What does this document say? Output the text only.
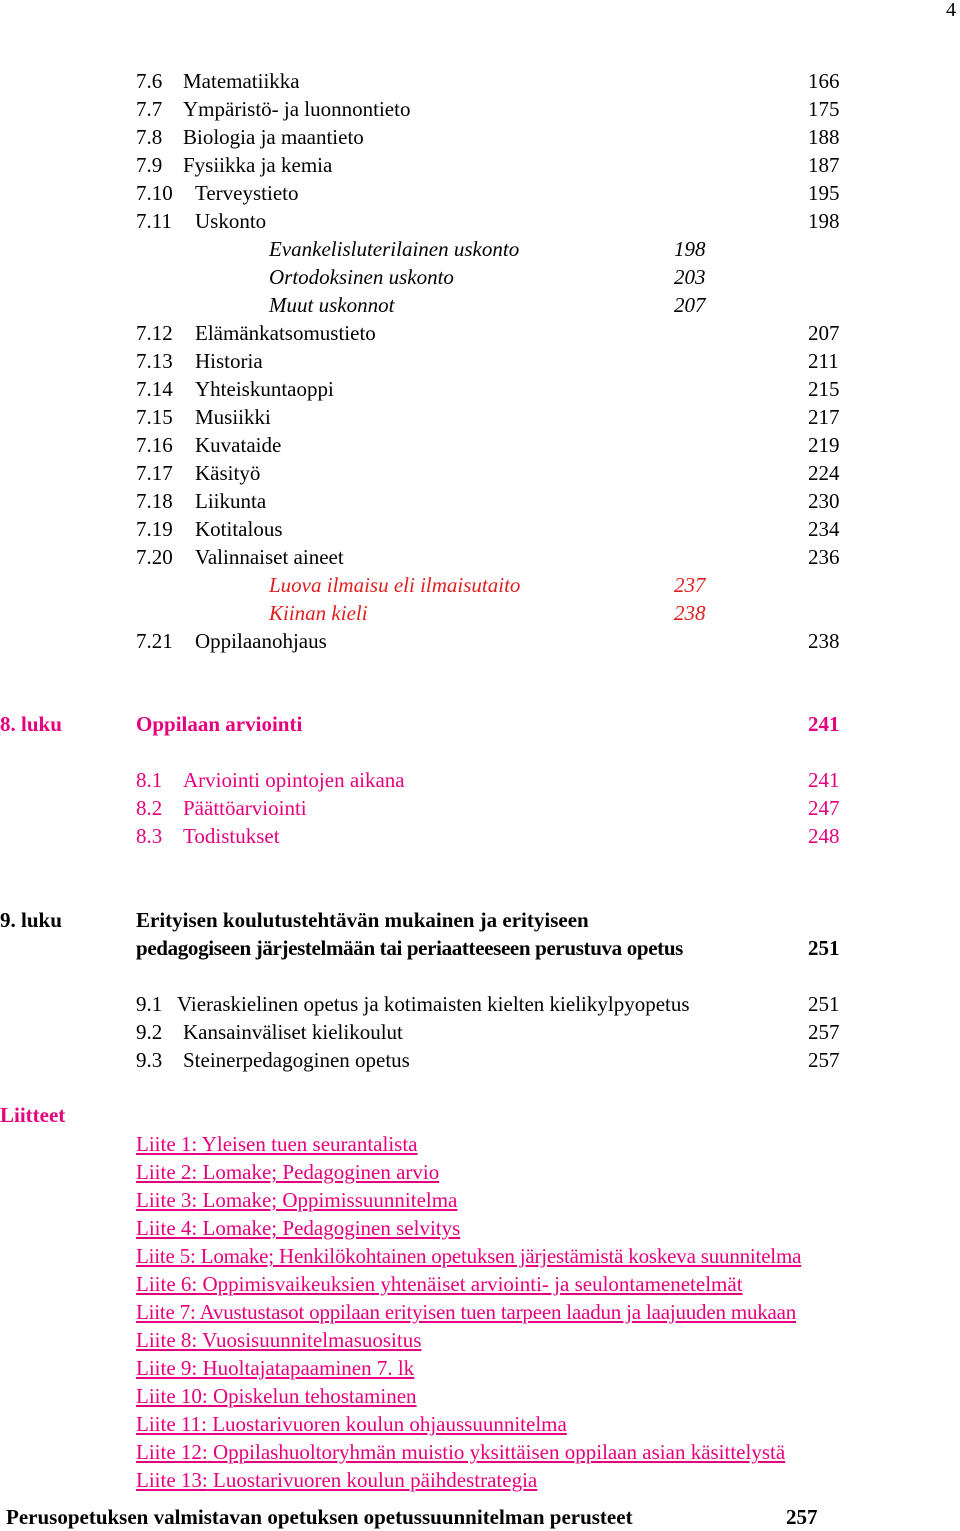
4
7.6 Matematiikka	166
7.7 Ympäristö- ja luonnontieto	175
7.8 Biologia ja maantieto	188
7.9 Fysiikka ja kemia	187
7.10 Terveystieto	195
7.11 Uskonto	198
Evankelisluterilainen uskonto	198
Ortodoksinen uskonto	203
Muut uskonnot	207
7.12 Elämänkatsomustieto	207
7.13 Historia	211
7.14 Yhteiskuntaoppi	215
7.15 Musiikki	217
7.16 Kuvataide	219
7.17 Käsityö	224
7.18 Liikunta	230
7.19 Kotitalous	234
7.20 Valinnaiset aineet	236
Luova ilmaisu eli ilmaisutaito	237
Kiinan kieli	238
7.21 Oppilaanohjaus	238
8. luku	Oppilaan arviointi	241
8.1 Arviointi opintojen aikana	241
8.2 Päättöarviointi	247
8.3 Todistukset	248
9. luku	Erityisen koulutustehtävän mukainen ja erityiseen
pedagogiseen järjestelmään tai periaatteeseen perustuva opetus	251
9.1 Vieraskielinen opetus ja kotimaisten kielten kielikylpyopetus	251
9.2 Kansainväliset kielikoulut	257
9.3 Steinerpedagoginen opetus	257
Liitteet
Liite 1: Yleisen tuen seurantalista
Liite 2: Lomake; Pedagoginen arvio
Liite 3: Lomake; Oppimissuunnitelma
Liite 4: Lomake; Pedagoginen selvitys
Liite 5: Lomake; Henkilökohtainen opetuksen järjestämistä koskeva suunnitelma
Liite 6: Oppimisvaikeuksien yhtenäiset arviointi- ja seulontamenetelmät
Liite 7: Avustustasot oppilaan erityisen tuen tarpeen laadun ja laajuuden mukaan
Liite 8: Vuosisuunnitelmasuositus
Liite 9: Huoltajatapaaminen 7. lk
Liite 10: Opiskelun tehostaminen
Liite 11: Luostarivuoren koulun ohjaussuunnitelma
Liite 12: Oppilashuoltoryhmän muistio yksittäisen oppilaan asian käsittelystä
Liite 13: Luostarivuoren koulun päihdestrategia
Perusopetuksen valmistavan opetuksen opetussuunnitelman perusteet	257
